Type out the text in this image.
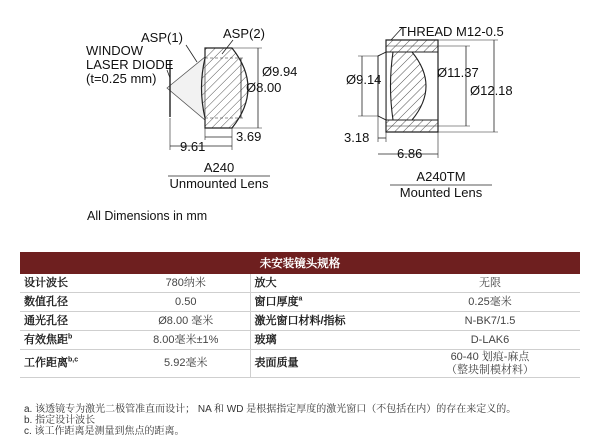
ASP(1)	ASP(2)
WINDOW
LASER DIODE
(t=0.25 mm)	Ø9.94
Ø8.00
3.69
9.61
A240
Unmounted Lens
THREAD M12-0.5
Ø9.14	Ø11.37
Ø12.18
3.18
6.86
A240TM
Mounted Lens
All Dimensions in mm
未安装镜头规格			
设计波长	780纳米	放大	无限
数值孔径	0.50	窗口厚度$^a$	0.25毫米
通光孔径	Ø8.00 毫米	激光窗口材料/指标	N-BK7/1.5
有效焦距$^b$	8.00毫米±1%	玻璃	D-LAK6
工作距离$^{b,c}$	5.92毫米	表面质量	60-40 划痕-麻点
（整块制模材料）
a. 该透镜专为激光二极管准直而设计； NA 和 WD 是根据指定厚度的激光窗口（不包括在内）的存在来定义的。
b. 指定设计波长
c. 该工作距离是测量到焦点的距离。
